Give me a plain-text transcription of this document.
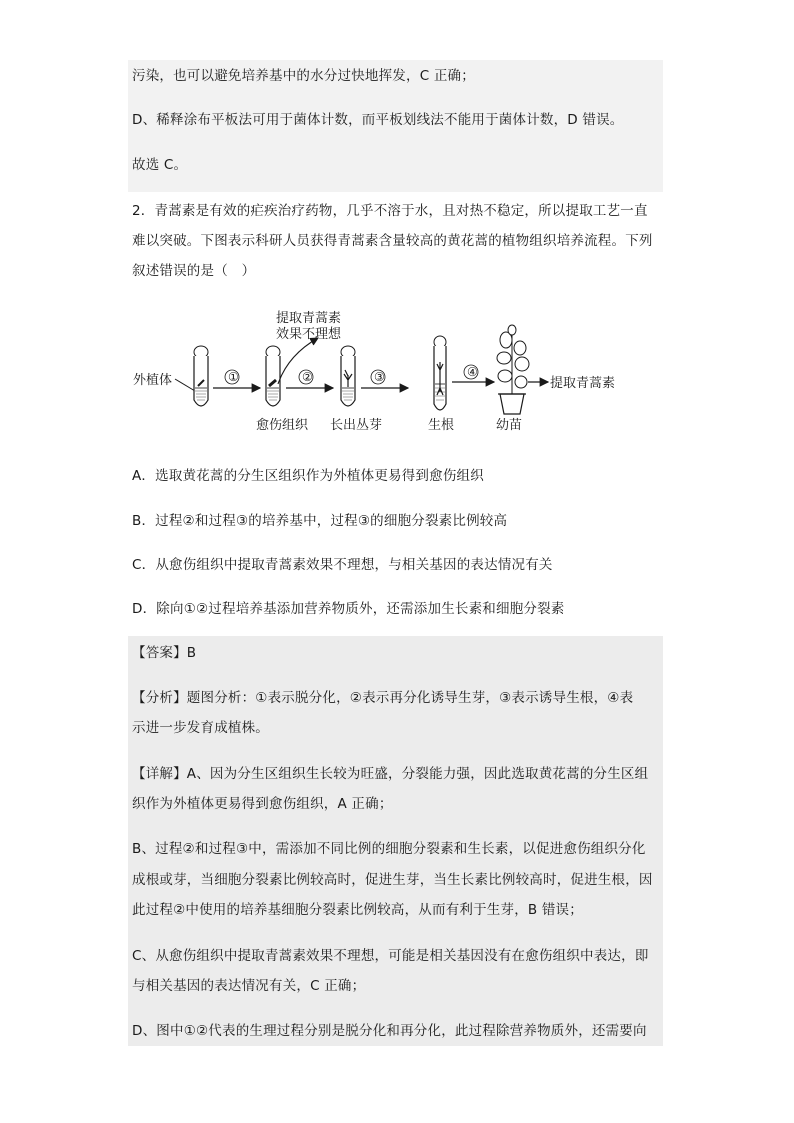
污染，也可以避免培养基中的水分过快地挥发，C 正确；
D、稀释涂布平板法可用于菌体计数，而平板划线法不能用于菌体计数，D 错误。
故选 C。
2．青蒿素是有效的疟疾治疗药物，几乎不溶于水，且对热不稳定，所以提取工艺一直
难以突破。下图表示科研人员获得青蒿素含量较高的黄花蒿的植物组织培养流程。下列
叙述错误的是（　）
外植体	①
提取青蒿素
效果不理想
②	③	④
提取青蒿素
愈伤组织 长出丛芽	生根	幼苗
A．选取黄花蒿的分生区组织作为外植体更易得到愈伤组织
B．过程②和过程③的培养基中，过程③的细胞分裂素比例较高
C．从愈伤组织中提取青蒿素效果不理想，与相关基因的表达情况有关
D．除向①②过程培养基添加营养物质外，还需添加生长素和细胞分裂素
【答案】B
【分析】题图分析：①表示脱分化，②表示再分化诱导生芽，③表示诱导生根，④表
示进一步发育成植株。
【详解】A、因为分生区组织生长较为旺盛，分裂能力强，因此选取黄花蒿的分生区组
织作为外植体更易得到愈伤组织，A 正确；
B、过程②和过程③中，需添加不同比例的细胞分裂素和生长素，以促进愈伤组织分化
成根或芽，当细胞分裂素比例较高时，促进生芽，当生长素比例较高时，促进生根，因
此过程②中使用的培养基细胞分裂素比例较高，从而有利于生芽，B 错误；
C、从愈伤组织中提取青蒿素效果不理想，可能是相关基因没有在愈伤组织中表达，即
与相关基因的表达情况有关，C 正确；
D、图中①②代表的生理过程分别是脱分化和再分化，此过程除营养物质外，还需要向
